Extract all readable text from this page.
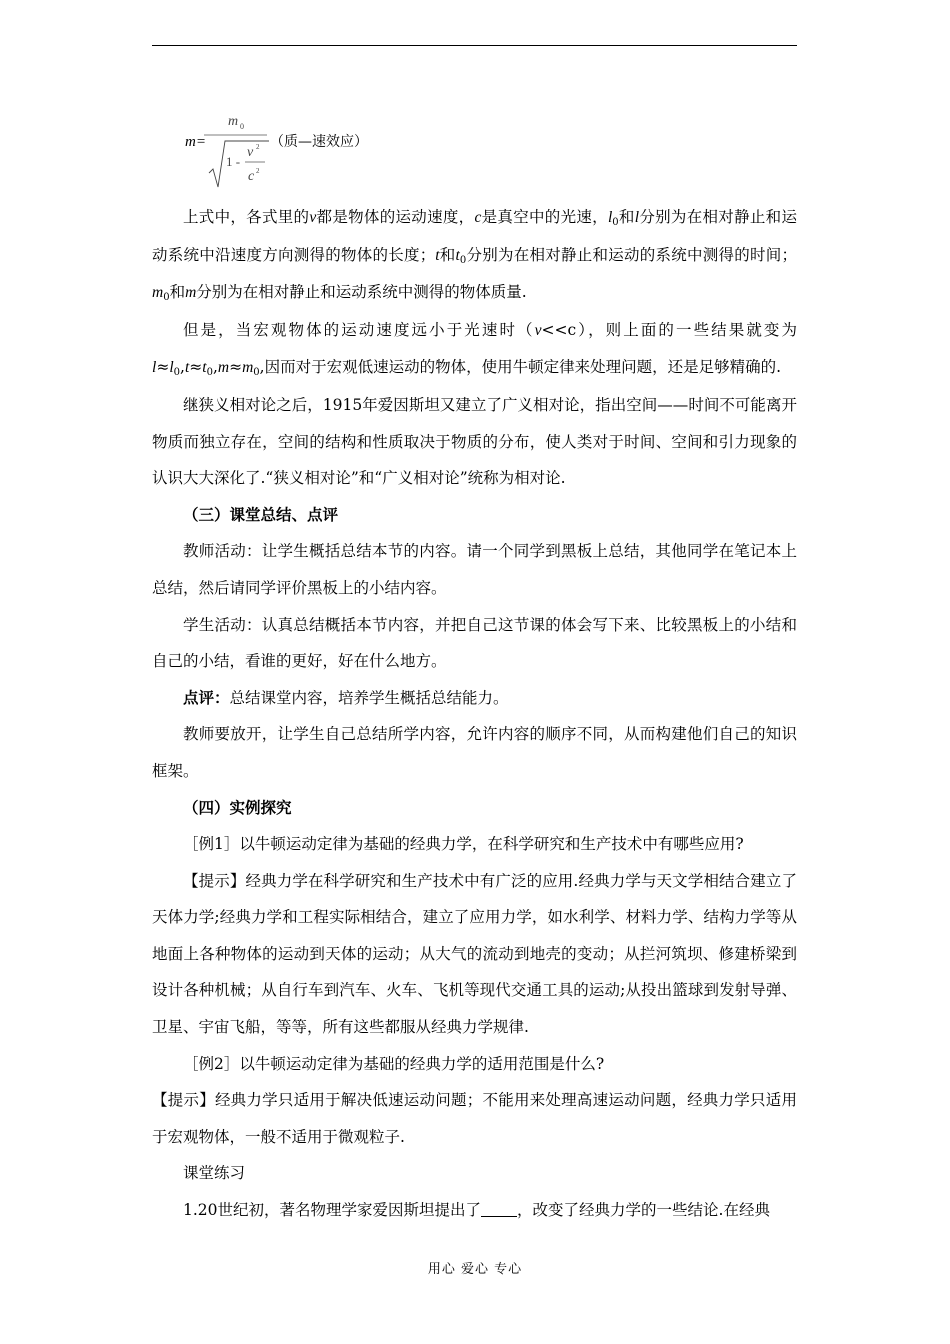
m=
m 0
1 -
v 2
c 2
（质—速效应）

上式中，各式里的v都是物体的运动速度，c是真空中的光速，$l_0$和l分别为在相对静止和运动系统中沿速度方向测得的物体的长度；t和$t_0$分别为在相对静止和运动的系统中测得的时间；$m_0$和m分别为在相对静止和运动系统中测得的物体质量.

但是，当宏观物体的运动速度远小于光速时（v<<c），则上面的一些结果就变为$l\approx l_0,t\approx t_0,m\approx m_0$,因而对于宏观低速运动的物体，使用牛顿定律来处理问题，还是足够精确的.

继狭义相对论之后，1915年爱因斯坦又建立了广义相对论，指出空间——时间不可能离开物质而独立存在，空间的结构和性质取决于物质的分布，使人类对于时间、空间和引力现象的认识大大深化了.“狭义相对论”和“广义相对论”统称为相对论.

（三）课堂总结、点评

教师活动：让学生概括总结本节的内容。请一个同学到黑板上总结，其他同学在笔记本上总结，然后请同学评价黑板上的小结内容。

学生活动：认真总结概括本节内容，并把自己这节课的体会写下来、比较黑板上的小结和自己的小结，看谁的更好，好在什么地方。

点评：总结课堂内容，培养学生概括总结能力。

教师要放开，让学生自己总结所学内容，允许内容的顺序不同，从而构建他们自己的知识框架。

（四）实例探究

［例1］以牛顿运动定律为基础的经典力学，在科学研究和生产技术中有哪些应用?

【提示】经典力学在科学研究和生产技术中有广泛的应用.经典力学与天文学相结合建立了天体力学;经典力学和工程实际相结合，建立了应用力学，如水利学、材料力学、结构力学等从地面上各种物体的运动到天体的运动；从大气的流动到地壳的变动；从拦河筑坝、修建桥梁到设计各种机械；从自行车到汽车、火车、飞机等现代交通工具的运动;从投出篮球到发射导弹、卫星、宇宙飞船，等等，所有这些都服从经典力学规律.

［例2］以牛顿运动定律为基础的经典力学的适用范围是什么?

【提示】经典力学只适用于解决低速运动问题；不能用来处理高速运动问题，经典力学只适用于宏观物体，一般不适用于微观粒子.

课堂练习

1.20世纪初，著名物理学家爱因斯坦提出了 ，改变了经典力学的一些结论.在经典

用心 爱心 专心
